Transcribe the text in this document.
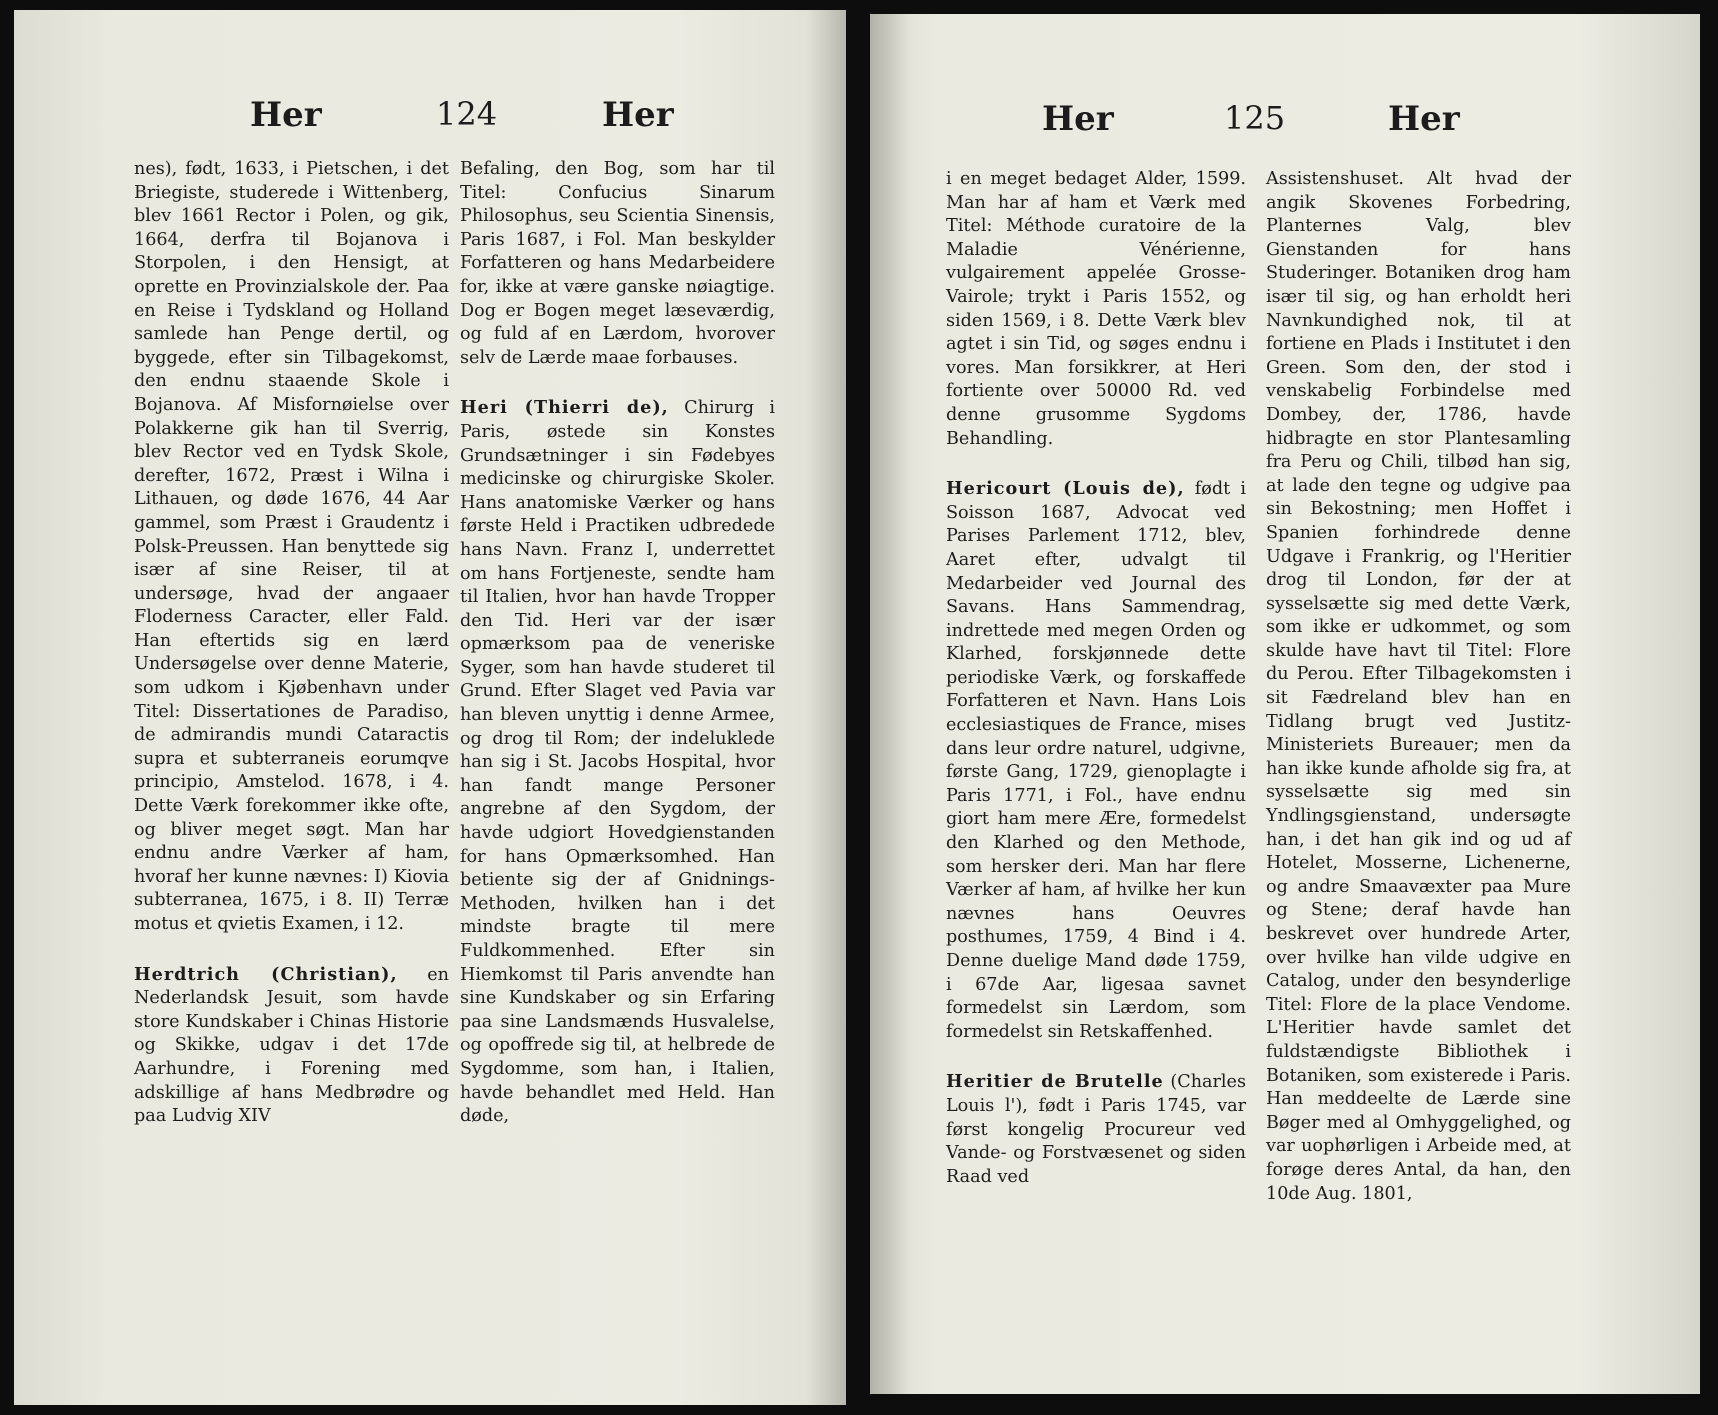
Her	124	Her

nes), født, 1633, i Pietschen, i det Briegiste, studerede i Wittenberg, blev 1661 Rector i Polen, og gik, 1664, derfra til Bojanova i Storpolen, i den Hensigt, at oprette en Provinzialskole der. Paa en Reise i Tydskland og Holland samlede han Penge dertil, og byggede, efter sin Tilbagekomst, den endnu staaende Skole i Bojanova. Af Misfornøielse over Polakkerne gik han til Sverrig, blev Rector ved en Tydsk Skole, derefter, 1672, Præst i Wilna i Lithauen, og døde 1676, 44 Aar gammel, som Præst i Graudentz i Polsk-Preussen. Han benyttede sig især af sine Reiser, til at undersøge, hvad der angaaer Floderness Caracter, eller Fald. Han eftertids sig en lærd Undersøgelse over denne Materie, som udkom i Kjøbenhavn under Titel: Dissertationes de Paradiso, de admirandis mundi Cataractis supra et subterraneis eorumqve principio, Amstelod. 1678, i 4. Dette Værk forekommer ikke ofte, og bliver meget søgt. Man har endnu andre Værker af ham, hvoraf her kunne nævnes: I) Kiovia subterranea, 1675, i 8. II) Terræ motus et qvietis Examen, i 12.

Herdtrich (Christian), en Nederlandsk Jesuit, som havde store Kundskaber i Chinas Historie og Skikke, udgav i det 17de Aarhundre, i Forening med adskillige af hans Medbrødre og paa Ludvig XIV

Befaling, den Bog, som har til Titel: Confucius Sinarum Philosophus, seu Scientia Sinensis, Paris 1687, i Fol. Man beskylder Forfatteren og hans Medarbeidere for, ikke at være ganske nøiagtige. Dog er Bogen meget læseværdig, og fuld af en Lærdom, hvorover selv de Lærde maae forbauses.

Heri (Thierri de), Chirurg i Paris, østede sin Konstes Grundsætninger i sin Fødebyes medicinske og chirurgiske Skoler. Hans anatomiske Værker og hans første Held i Practiken udbredede hans Navn. Franz I, underrettet om hans Fortjeneste, sendte ham til Italien, hvor han havde Tropper den Tid. Heri var der især opmærksom paa de veneriske Syger, som han havde studeret til Grund. Efter Slaget ved Pavia var han bleven unyttig i denne Armee, og drog til Rom; der indeluklede han sig i St. Jacobs Hospital, hvor han fandt mange Personer angrebne af den Sygdom, der havde udgiort Hovedgienstanden for hans Opmærksomhed. Han betiente sig der af Gnidnings-Methoden, hvilken han i det mindste bragte til mere Fuldkommenhed. Efter sin Hiemkomst til Paris anvendte han sine Kundskaber og sin Erfaring paa sine Landsmænds Husvalelse, og opoffrede sig til, at helbrede de Sygdomme, som han, i Italien, havde behandlet med Held. Han døde,

Her	125	Her

i en meget bedaget Alder, 1599. Man har af ham et Værk med Titel: Méthode curatoire de la Maladie Vénérienne, vulgairement appelée Grosse-Vairole; trykt i Paris 1552, og siden 1569, i 8. Dette Værk blev agtet i sin Tid, og søges endnu i vores. Man forsikkrer, at Heri fortiente over 50000 Rd. ved denne grusomme Sygdoms Behandling.

Hericourt (Louis de), født i Soisson 1687, Advocat ved Parises Parlement 1712, blev, Aaret efter, udvalgt til Medarbeider ved Journal des Savans. Hans Sammendrag, indrettede med megen Orden og Klarhed, forskjønnede dette periodiske Værk, og forskaffede Forfatteren et Navn. Hans Lois ecclesiastiques de France, mises dans leur ordre naturel, udgivne, første Gang, 1729, gienoplagte i Paris 1771, i Fol., have endnu giort ham mere Ære, formedelst den Klarhed og den Methode, som hersker deri. Man har flere Værker af ham, af hvilke her kun nævnes hans Oeuvres posthumes, 1759, 4 Bind i 4. Denne duelige Mand døde 1759, i 67de Aar, ligesaa savnet formedelst sin Lærdom, som formedelst sin Retskaffenhed.

Heritier de Brutelle (Charles Louis l'), født i Paris 1745, var først kongelig Procureur ved Vande- og Forstvæsenet og siden Raad ved

Assistenshuset. Alt hvad der angik Skovenes Forbedring, Planternes Valg, blev Gienstanden for hans Studeringer. Botaniken drog ham især til sig, og han erholdt heri Navnkundighed nok, til at fortiene en Plads i Institutet i den Green. Som den, der stod i venskabelig Forbindelse med Dombey, der, 1786, havde hidbragte en stor Plantesamling fra Peru og Chili, tilbød han sig, at lade den tegne og udgive paa sin Bekostning; men Hoffet i Spanien forhindrede denne Udgave i Frankrig, og l'Heritier drog til London, før der at sysselsætte sig med dette Værk, som ikke er udkommet, og som skulde have havt til Titel: Flore du Perou. Efter Tilbagekomsten i sit Fædreland blev han en Tidlang brugt ved Justitz-Ministeriets Bureauer; men da han ikke kunde afholde sig fra, at sysselsætte sig med sin Yndlingsgienstand, undersøgte han, i det han gik ind og ud af Hotelet, Mosserne, Lichenerne, og andre Smaavæxter paa Mure og Stene; deraf havde han beskrevet over hundrede Arter, over hvilke han vilde udgive en Catalog, under den besynderlige Titel: Flore de la place Vendome. L'Heritier havde samlet det fuldstændigste Bibliothek i Botaniken, som existerede i Paris. Han meddeelte de Lærde sine Bøger med al Omhyggelighed, og var uophørligen i Arbeide med, at forøge deres Antal, da han, den 10de Aug. 1801,
